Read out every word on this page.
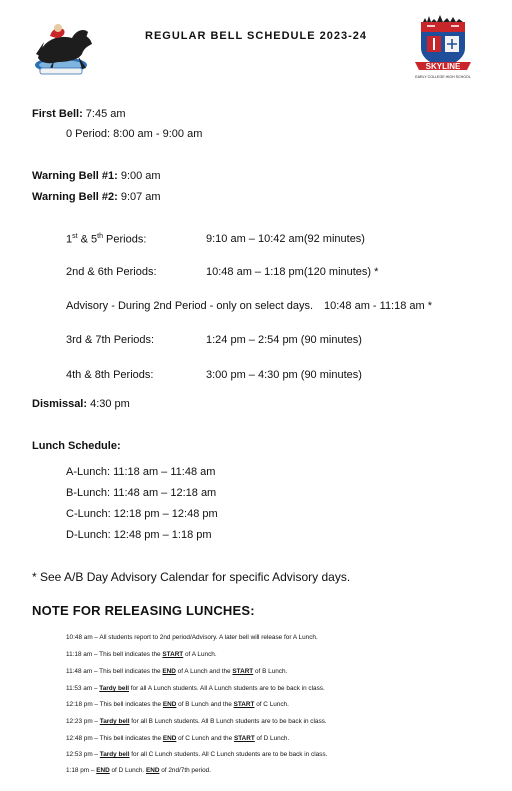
REGULAR BELL SCHEDULE 2023-24
SKYLINE
EARLY COLLEGE HIGH SCHOOL
First Bell: 7:45 am
0 Period: 8:00 am - 9:00 am
Warning Bell #1: 9:00 am
Warning Bell #2: 9:07 am
1st & 5th Periods:	9:10 am – 10:42 am(92 minutes)
2nd & 6th Periods:	10:48 am – 1:18 pm(120 minutes) *
Advisory - During 2nd Period - only on select days. 10:48 am - 11:18 am *
3rd & 7th Periods:	1:24 pm – 2:54 pm (90 minutes)
4th & 8th Periods:	3:00 pm – 4:30 pm (90 minutes)
Dismissal: 4:30 pm
Lunch Schedule:
A-Lunch: 11:18 am – 11:48 am
B-Lunch: 11:48 am – 12:18 am
C-Lunch: 12:18 pm – 12:48 pm
D-Lunch: 12:48 pm – 1:18 pm
* See A/B Day Advisory Calendar for specific Advisory days.
NOTE FOR RELEASING LUNCHES:
10:48 am – All students report to 2nd period/Advisory. A later bell will release for A Lunch.
11:18 am – This bell indicates the START of A Lunch.
11:48 am – This bell indicates the END of A Lunch and the START of B Lunch.
11:53 am – Tardy bell for all A Lunch students. All A Lunch students are to be back in class.
12:18 pm – This bell indicates the END of B Lunch and the START of C Lunch.
12:23 pm – Tardy bell for all B Lunch students. All B Lunch students are to be back in class.
12:48 pm – This bell indicates the END of C Lunch and the START of D Lunch.
12:53 pm – Tardy bell for all C Lunch students. All C Lunch students are to be back in class.
1:18 pm – END of D Lunch. END of 2nd/7th period.
